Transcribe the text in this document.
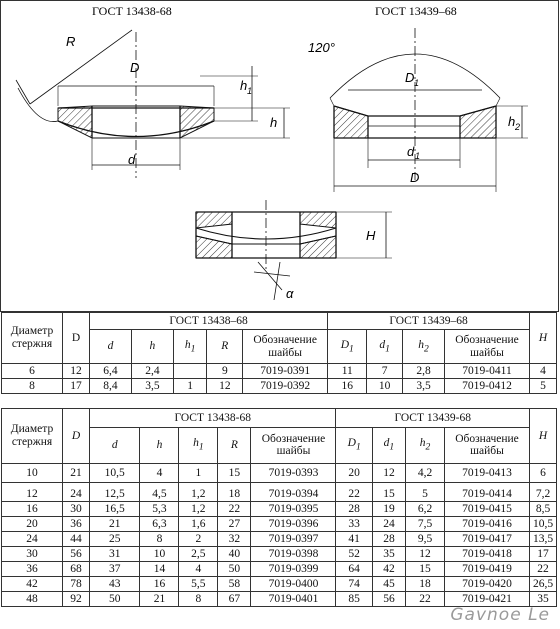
ГОСТ 13438-68	ГОСТ 13439–68
R
D
d
h 1
h
120°
D 1
d 1
D
h 2
H
α
Диаметр стержня	D	ГОСТ 13438–68					ГОСТ 13439–68				H
		d	h	$h_1$	R	Обозначение шайбы	$D_1$	$d_1$	$h_2$	Обозначение шайбы	
6	12	6,4	2,4		9	7019-0391	11	7	2,8	7019-0411	4
8	17	8,4	3,5	1	12	7019-0392	16	10	3,5	7019-0412	5
Диаметр стержня	D	ГОСТ 13438-68					ГОСТ 13439-68				H
		d	h	$h_1$	R	Обозначение шайбы	$D_1$	$d_1$	$h_2$	Обозначение шайбы	
10	21	10,5	4	1	15	7019-0393	20	12	4,2	7019-0413	6
12	24	12,5	4,5	1,2	18	7019-0394	22	15	5	7019-0414	7,2
16	30	16,5	5,3	1,2	22	7019-0395	28	19	6,2	7019-0415	8,5
20	36	21	6,3	1,6	27	7019-0396	33	24	7,5	7019-0416	10,5
24	44	25	8	2	32	7019-0397	41	28	9,5	7019-0417	13,5
30	56	31	10	2,5	40	7019-0398	52	35	12	7019-0418	17
36	68	37	14	4	50	7019-0399	64	42	15	7019-0419	22
42	78	43	16	5,5	58	7019-0400	74	45	18	7019-0420	26,5
48	92	50	21	8	67	7019-0401	85	56	22	7019-0421	35
Gavnoe Le
